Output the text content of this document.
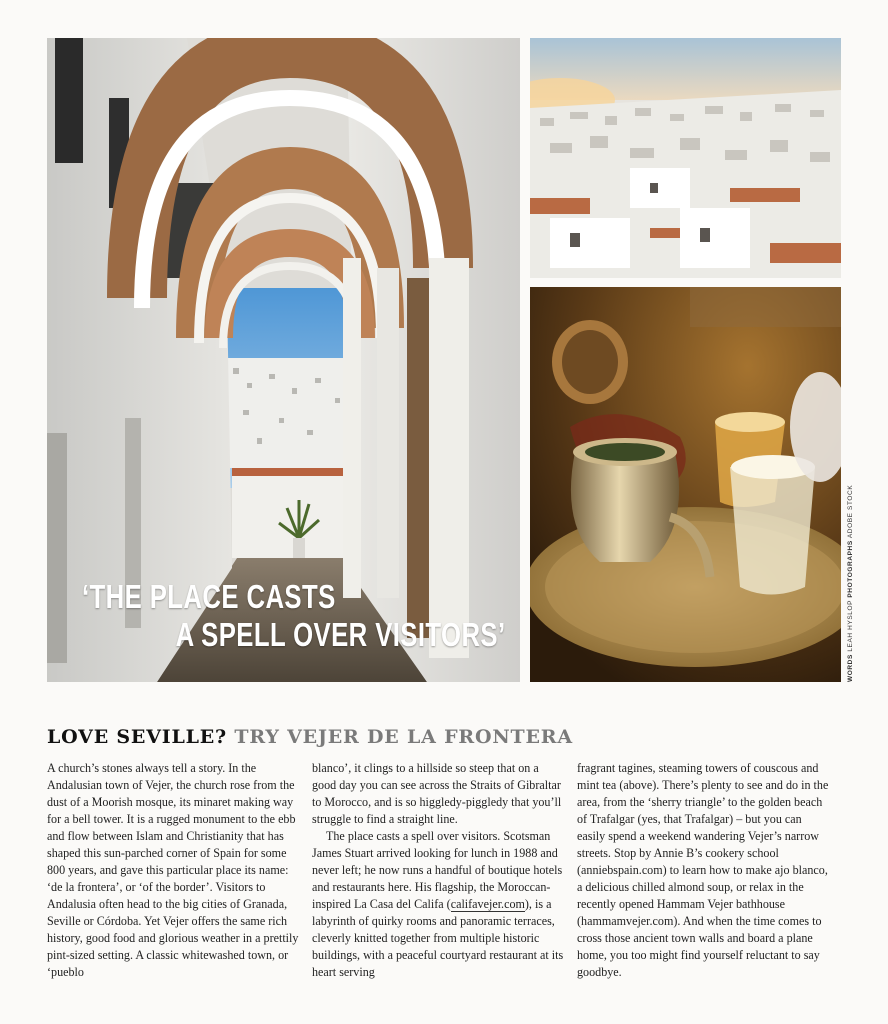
‘THE PLACE CASTS

A SPELL OVER VISITORS’
WORDS LEAH HYSLOP PHOTOGRAPHS ADOBE STOCK
LOVE SEVILLE? TRY VEJER DE LA FRONTERA

A church’s stones always tell a story. In the Andalusian town of Vejer, the church rose from the dust of a Moorish mosque, its minaret making way for a bell tower. It is a rugged monument to the ebb and flow between Islam and Christianity that has shaped this sun-parched corner of Spain for some 800 years, and gave this particular place its name: ‘de la frontera’, or ‘of the border’. Visitors to Andalusia often head to the big cities of Granada, Seville or Córdoba. Yet Vejer offers the same rich history, good food and glorious weather in a prettily pint-sized setting. A classic whitewashed town, or ‘pueblo

blanco’, it clings to a hillside so steep that on a good day you can see across the Straits of Gibraltar to Morocco, and is so higgledy-piggledy that you’ll struggle to find a straight line.

The place casts a spell over visitors. Scotsman James Stuart arrived looking for lunch in 1988 and never left; he now runs a handful of boutique hotels and restaurants here. His flagship, the Moroccan-inspired La Casa del Califa (califavejer.com), is a labyrinth of quirky rooms and panoramic terraces, cleverly knitted together from multiple historic buildings, with a peaceful courtyard restaurant at its heart serving

fragrant tagines, steaming towers of couscous and mint tea (above). There’s plenty to see and do in the area, from the ‘sherry triangle’ to the golden beach of Trafalgar (yes, that Trafalgar) – but you can easily spend a weekend wandering Vejer’s narrow streets. Stop by Annie B’s cookery school (anniebspain.com) to learn how to make ajo blanco, a delicious chilled almond soup, or relax in the recently opened Hammam Vejer bathhouse (hammamvejer.com). And when the time comes to cross those ancient town walls and board a plane home, you too might find yourself reluctant to say goodbye.
